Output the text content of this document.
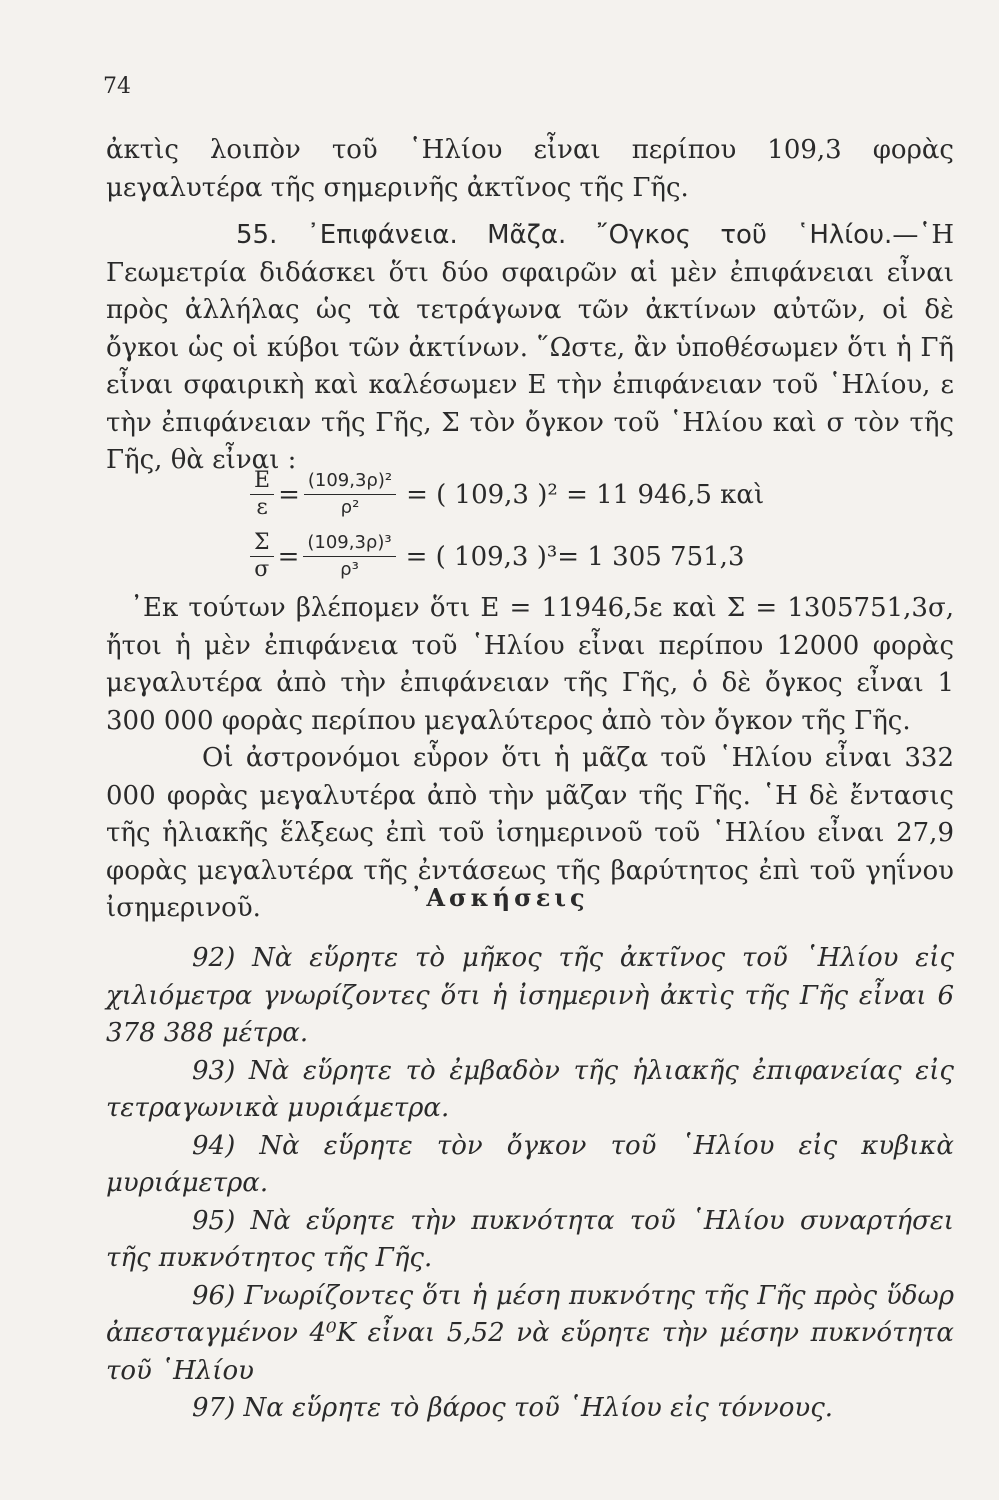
74

ἀκτὶς λοιπὸν τοῦ ῾Ηλίου εἶναι περίπου 109,3 φορὰς μεγαλυτέρα τῆς σημερινῆς ἀκτῖνος τῆς Γῆς.

55. ᾽Επιφάνεια. Μᾶζα. ῎Ογκος τοῦ ῾Ηλίου.—῾Η Γεωμετρία διδάσκει ὅτι δύο σφαιρῶν αἱ μὲν ἐπιφάνειαι εἶναι πρὸς ἀλλήλας ὡς τὰ τετράγωνα τῶν ἀκτίνων αὐτῶν, οἱ δὲ ὄγκοι ὡς οἱ κύβοι τῶν ἀκτίνων. ῞Ωστε, ἂν ὑποθέσωμεν ὅτι ἡ Γῆ εἶναι σφαιρικὴ καὶ καλέσωμεν Ε τὴν ἐπιφάνειαν τοῦ ῾Ηλίου, ε τὴν ἐπιφάνειαν τῆς Γῆς, Σ τὸν ὄγκον τοῦ ῾Ηλίου καὶ σ τὸν τῆς Γῆς, θὰ εἶναι :

$\frac{E}{\varepsilon} = \frac{\text{(109,3ρ)²}}{\text{ρ²}}$ = ( 109,3 )² = 11 946,5 καὶ
$\frac{\Sigma}{\sigma} = \frac{\text{(109,3ρ)³}}{\text{ρ³}}$ = ( 109,3 )³= 1 305 751,3

᾽Εκ τούτων βλέπομεν ὅτι Ε = 11946,5ε καὶ Σ = 1305751,3σ, ἤτοι ἡ μὲν ἐπιφάνεια τοῦ ῾Ηλίου εἶναι περίπου 12000 φορὰς μεγαλυτέρα ἀπὸ τὴν ἐπιφάνειαν τῆς Γῆς, ὁ δὲ ὄγκος εἶναι 1 300 000 φορὰς περίπου μεγαλύτερος ἀπὸ τὸν ὄγκον τῆς Γῆς.

Οἱ ἀστρονόμοι εὗρον ὅτι ἡ μᾶζα τοῦ ῾Ηλίου εἶναι 332 000 φορὰς μεγαλυτέρα ἀπὸ τὴν μᾶζαν τῆς Γῆς. ῾Η δὲ ἔντασις τῆς ἡλιακῆς ἕλξεως ἐπὶ τοῦ ἰσημερινοῦ τοῦ ῾Ηλίου εἶναι 27,9 φορὰς μεγαλυτέρα τῆς ἐντάσεως τῆς βαρύτητος ἐπὶ τοῦ γηΐνου ἰσημερινοῦ.	᾽Ασκήσεις

92) Νὰ εὕρητε τὸ μῆκος τῆς ἀκτῖνος τοῦ ῾Ηλίου εἰς χιλιόμετρα γνωρίζοντες ὅτι ἡ ἰσημερινὴ ἀκτὶς τῆς Γῆς εἶναι 6 378 388 μέτρα.

93) Νὰ εὕρητε τὸ ἐμβαδὸν τῆς ἡλιακῆς ἐπιφανείας εἰς τετραγωνικὰ μυριάμετρα.

94) Νὰ εὕρητε τὸν ὄγκον τοῦ ῾Ηλίου εἰς κυβικὰ μυριάμετρα.

95) Νὰ εὕρητε τὴν πυκνότητα τοῦ ῾Ηλίου συναρτήσει τῆς πυκνότητος τῆς Γῆς.

96) Γνωρίζοντες ὅτι ἡ μέση πυκνότης τῆς Γῆς πρὸς ὕδωρ ἀπεσταγμένον 4⁰Κ εἶναι 5,52 νὰ εὕρητε τὴν μέσην πυκνότητα τοῦ ῾Ηλίου

97) Να εὕρητε τὸ βάρος τοῦ ῾Ηλίου εἰς τόννους.
